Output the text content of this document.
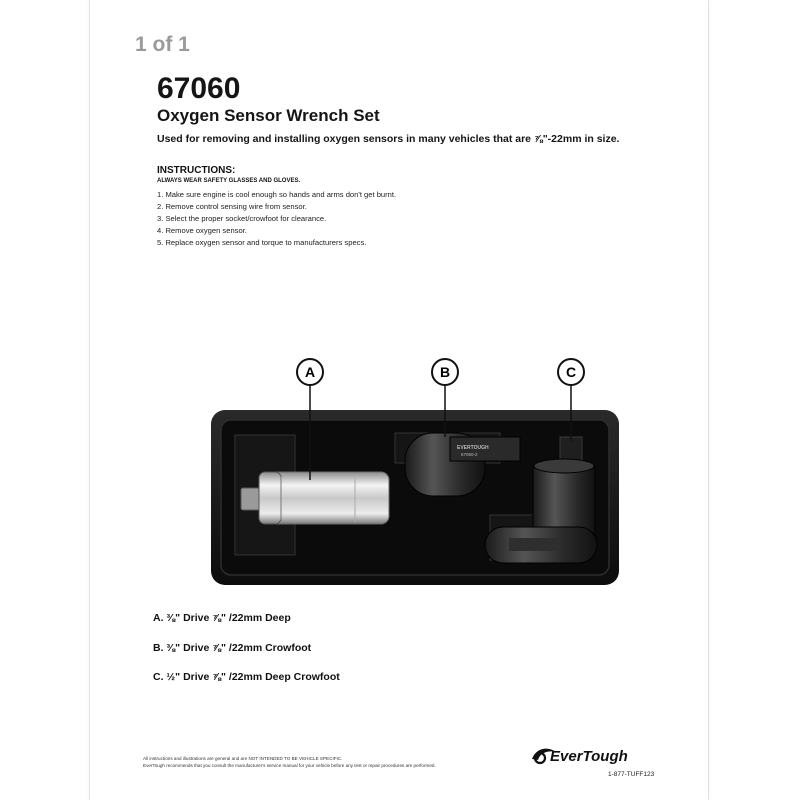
1 of 1
67060
Oxygen Sensor Wrench Set
Used for removing and installing oxygen sensors in many vehicles that are ⅞"-22mm in size.
INSTRUCTIONS:
ALWAYS WEAR SAFETY GLASSES AND GLOVES.
1. Make sure engine is cool enough so hands and arms don't get burnt.
2. Remove control sensing wire from sensor.
3. Select the proper socket/crowfoot for clearance.
4. Remove oxygen sensor.
5. Replace oxygen sensor and torque to manufacturers specs.
EVERTOUGH
67060-2
A	B	C
A. ⅜" Drive ⅞" /22mm Deep
B. ⅜" Drive ⅞" /22mm Crowfoot
C. ½" Drive ⅞" /22mm Deep Crowfoot
All instructions and illustrations are general and are NOT INTENDED TO BE VEHICLE SPECIFIC.
EverTough recommends that you consult the manufacturer's service manual for your vehicle before any test or repair procedures are performed.
EverTough
1-877-TUFF123
